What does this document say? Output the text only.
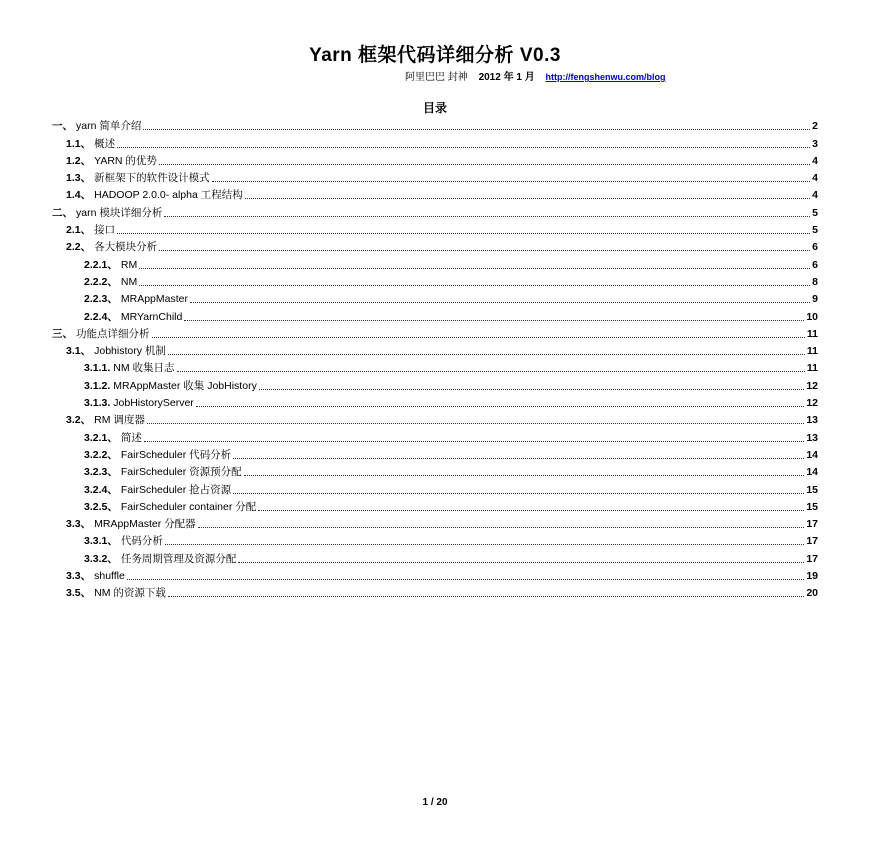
Yarn 框架代码详细分析 V0.3
阿里巴巴 封神 2012 年 1 月 http://fengshenwu.com/blog
目录
一、 yarn 简单介绍	2
1.1、 概述	3
1.2、 YARN 的优势	4
1.3、 新框架下的软件设计模式	4
1.4、 HADOOP 2.0.0- alpha 工程结构	4
二、 yarn 模块详细分析	5
2.1、 接口	5
2.2、 各大模块分析	6
2.2.1、 RM	6
2.2.2、 NM	8
2.2.3、 MRAppMaster	9
2.2.4、 MRYarnChild	10
三、 功能点详细分析	11
3.1、 Jobhistory 机制	11
3.1.1. NM 收集日志	11
3.1.2. MRAppMaster 收集 JobHistory	12
3.1.3. JobHistoryServer	12
3.2、 RM 调度器	13
3.2.1、 简述	13
3.2.2、 FairScheduler 代码分析	14
3.2.3、 FairScheduler 资源预分配	14
3.2.4、 FairScheduler 抢占资源	15
3.2.5、 FairScheduler container 分配	15
3.3、 MRAppMaster 分配器	17
3.3.1、 代码分析	17
3.3.2、 任务周期管理及资源分配	17
3.3、 shuffle	19
3.5、 NM 的资源下载	20
1 / 20
